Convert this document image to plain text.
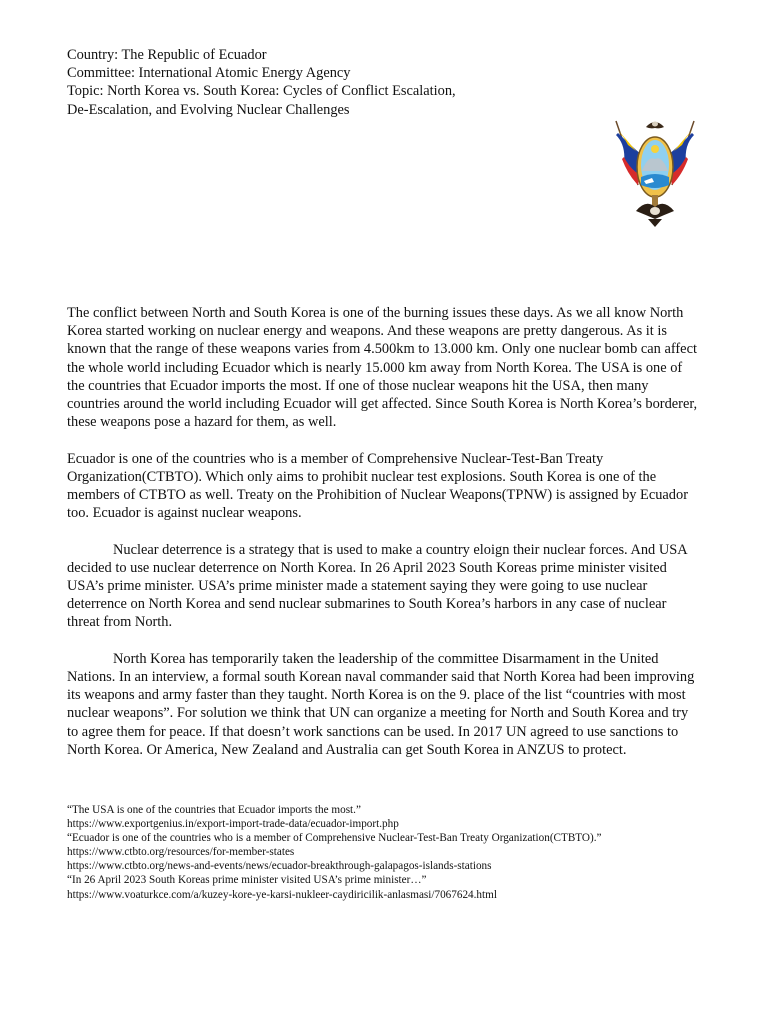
Country: The Republic of Ecuador
Committee: International Atomic Energy Agency
Topic: North Korea vs. South Korea: Cycles of Conflict Escalation,
De-Escalation, and Evolving Nuclear Challenges

The conflict between North and South Korea is one of the burning issues these days. As we all know North Korea started working on nuclear energy and weapons. And these weapons are pretty dangerous. As it is known that the range of these weapons varies from 4.500km to 13.000 km. Only one nuclear bomb can affect the whole world including Ecuador which is nearly 15.000 km away from North Korea. The USA is one of the countries that Ecuador imports the most. If one of those nuclear weapons hit the USA, then many countries around the world including Ecuador will get affected. Since South Korea is North Korea’s borderer, these weapons pose a hazard for them, as well.

Ecuador is one of the countries who is a member of Comprehensive Nuclear-Test-Ban Treaty Organization(CTBTO). Which only aims to prohibit nuclear test explosions. South Korea is one of the members of CTBTO as well. Treaty on the Prohibition of Nuclear Weapons(TPNW) is assigned by Ecuador too. Ecuador is against nuclear weapons.

Nuclear deterrence is a strategy that is used to make a country eloign their nuclear forces. And USA decided to use nuclear deterrence on North Korea. In 26 April 2023 South Koreas prime minister visited USA’s prime minister. USA’s prime minister made a statement saying they were going to use nuclear deterrence on North Korea and send nuclear submarines to South Korea’s harbors in any case of nuclear threat from North.

North Korea has temporarily taken the leadership of the committee Disarmament in the United Nations. In an interview, a formal south Korean naval commander said that North Korea had been improving its weapons and army faster than they taught. North Korea is on the 9. place of the list “countries with most nuclear weapons”. For solution we think that UN can organize a meeting for North and South Korea and try to agree them for peace. If that doesn’t work sanctions can be used. In 2017 UN agreed to use sanctions to North Korea. Or America, New Zealand and Australia can get South Korea in ANZUS to protect.

“The USA is one of the countries that Ecuador imports the most.”
https://www.exportgenius.in/export-import-trade-data/ecuador-import.php
“Ecuador is one of the countries who is a member of Comprehensive Nuclear-Test-Ban Treaty Organization(CTBTO).”
https://www.ctbto.org/resources/for-member-states
https://www.ctbto.org/news-and-events/news/ecuador-breakthrough-galapagos-islands-stations
“In 26 April 2023 South Koreas prime minister visited USA’s prime minister…”
https://www.voaturkce.com/a/kuzey-kore-ye-karsi-nukleer-caydiricilik-anlasmasi/7067624.html
